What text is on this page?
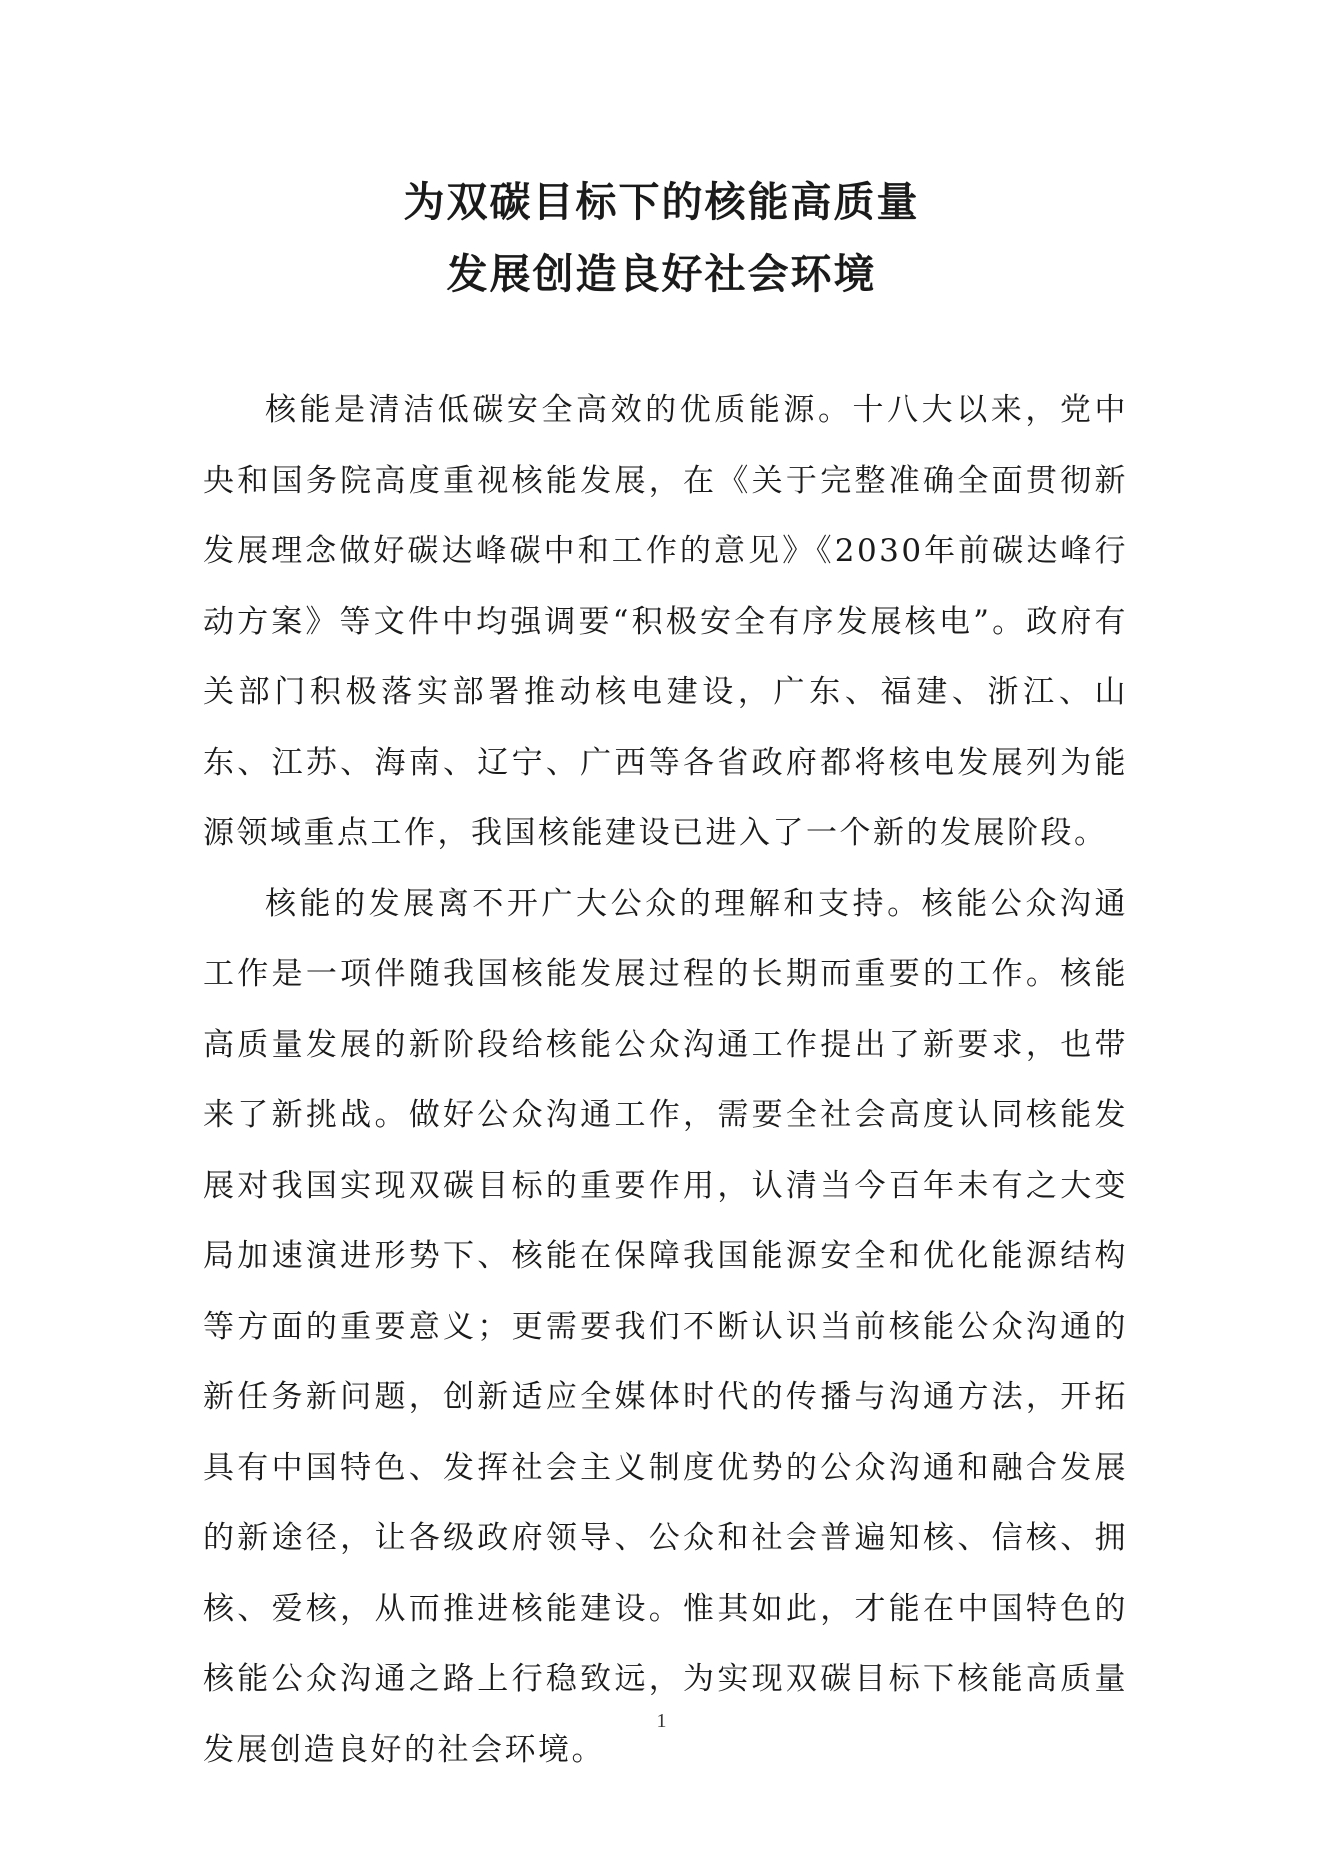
为双碳目标下的核能高质量
发展创造良好社会环境

核能是清洁低碳安全高效的优质能源。十八大以来，党中央和国务院高度重视核能发展，在《关于完整准确全面贯彻新发展理念做好碳达峰碳中和工作的意见》《2030年前碳达峰行动方案》等文件中均强调要“积极安全有序发展核电”。政府有关部门积极落实部署推动核电建设，广东、福建、浙江、山东、江苏、海南、辽宁、广西等各省政府都将核电发展列为能源领域重点工作，我国核能建设已进入了一个新的发展阶段。

核能的发展离不开广大公众的理解和支持。核能公众沟通工作是一项伴随我国核能发展过程的长期而重要的工作。核能高质量发展的新阶段给核能公众沟通工作提出了新要求，也带来了新挑战。做好公众沟通工作，需要全社会高度认同核能发展对我国实现双碳目标的重要作用，认清当今百年未有之大变局加速演进形势下、核能在保障我国能源安全和优化能源结构等方面的重要意义；更需要我们不断认识当前核能公众沟通的新任务新问题，创新适应全媒体时代的传播与沟通方法，开拓具有中国特色、发挥社会主义制度优势的公众沟通和融合发展的新途径，让各级政府领导、公众和社会普遍知核、信核、拥核、爱核，从而推进核能建设。惟其如此，才能在中国特色的核能公众沟通之路上行稳致远，为实现双碳目标下核能高质量发展创造良好的社会环境。

1
